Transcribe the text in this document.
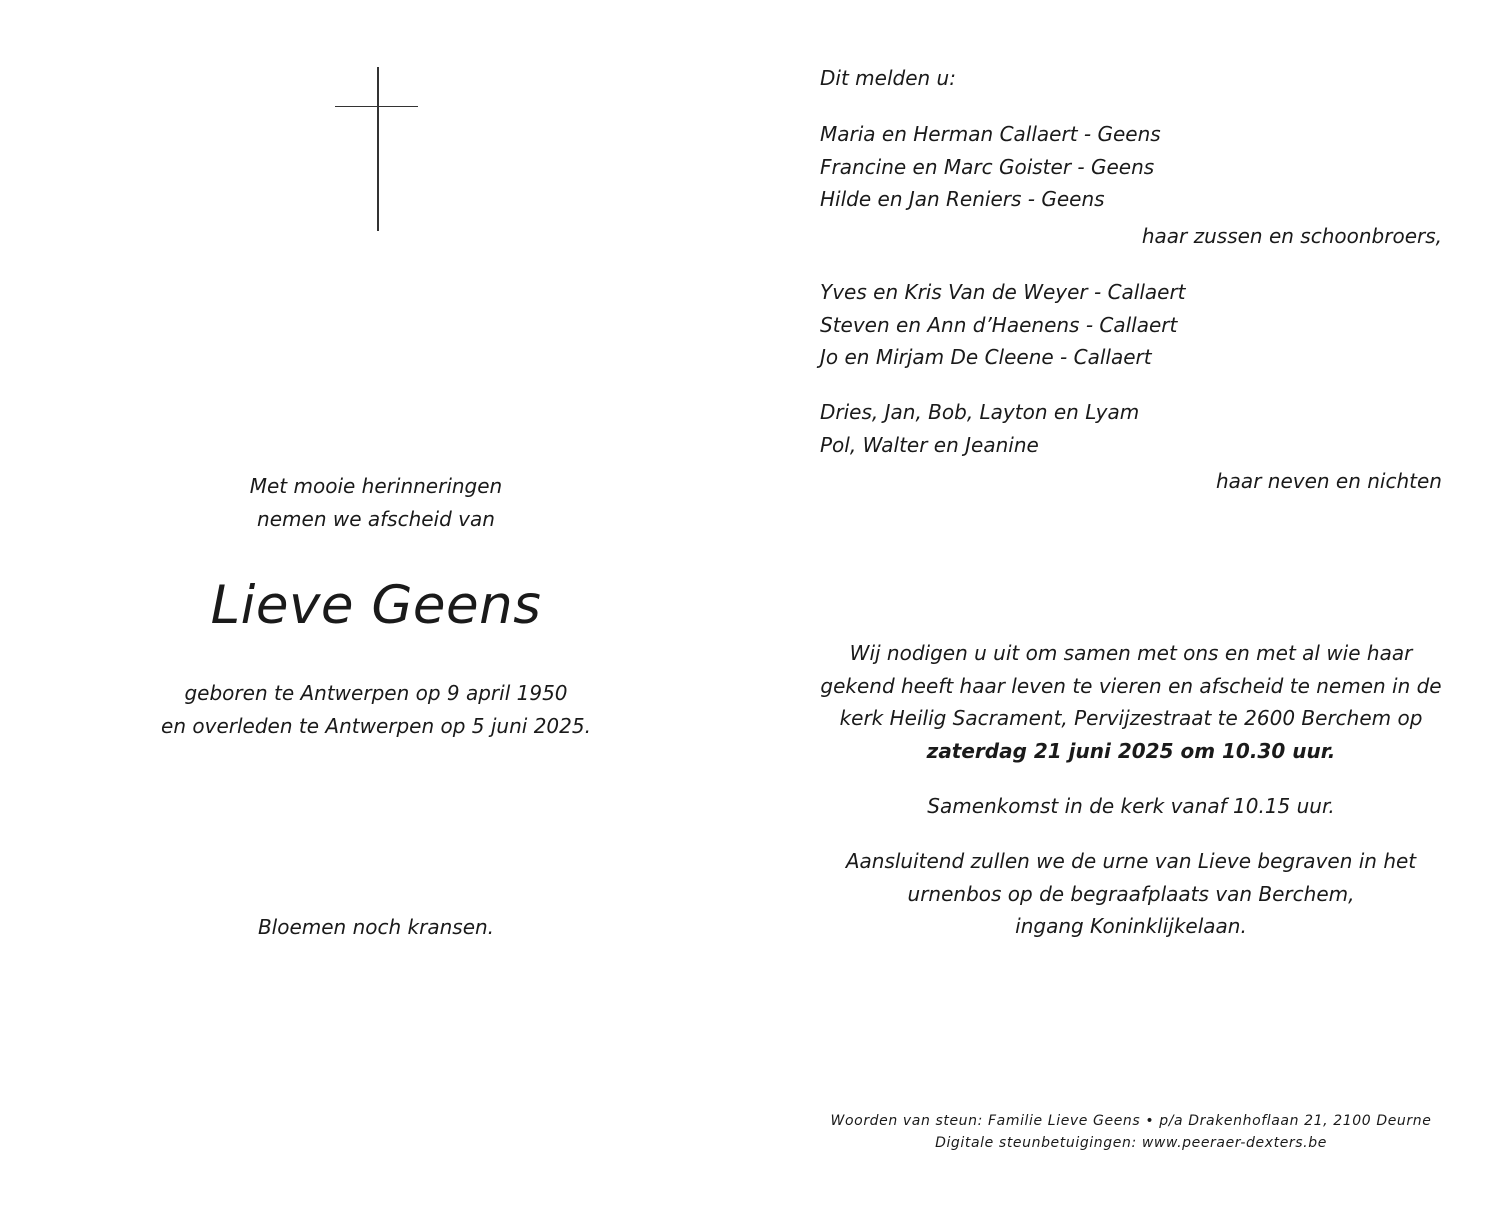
Met mooie herinneringen
nemen we afscheid van
Lieve Geens
geboren te Antwerpen op 9 april 1950
en overleden te Antwerpen op 5 juni 2025.
Bloemen noch kransen.
Dit melden u:
Maria en Herman Callaert - Geens
Francine en Marc Goister - Geens
Hilde en Jan Reniers - Geens
haar zussen en schoonbroers,
Yves en Kris Van de Weyer - Callaert
Steven en Ann d’Haenens - Callaert
Jo en Mirjam De Cleene - Callaert
Dries, Jan, Bob, Layton en Lyam
Pol, Walter en Jeanine
haar neven en nichten
Wij nodigen u uit om samen met ons en met al wie haar
gekend heeft haar leven te vieren en afscheid te nemen in de
kerk Heilig Sacrament, Pervijzestraat te 2600 Berchem op
zaterdag 21 juni 2025 om 10.30 uur.
Samenkomst in de kerk vanaf 10.15 uur.
Aansluitend zullen we de urne van Lieve begraven in het
urnenbos op de begraafplaats van Berchem,
ingang Koninklijkelaan.
Woorden van steun: Familie Lieve Geens • p/a Drakenhoflaan 21, 2100 Deurne
Digitale steunbetuigingen: www.peeraer-dexters.be
